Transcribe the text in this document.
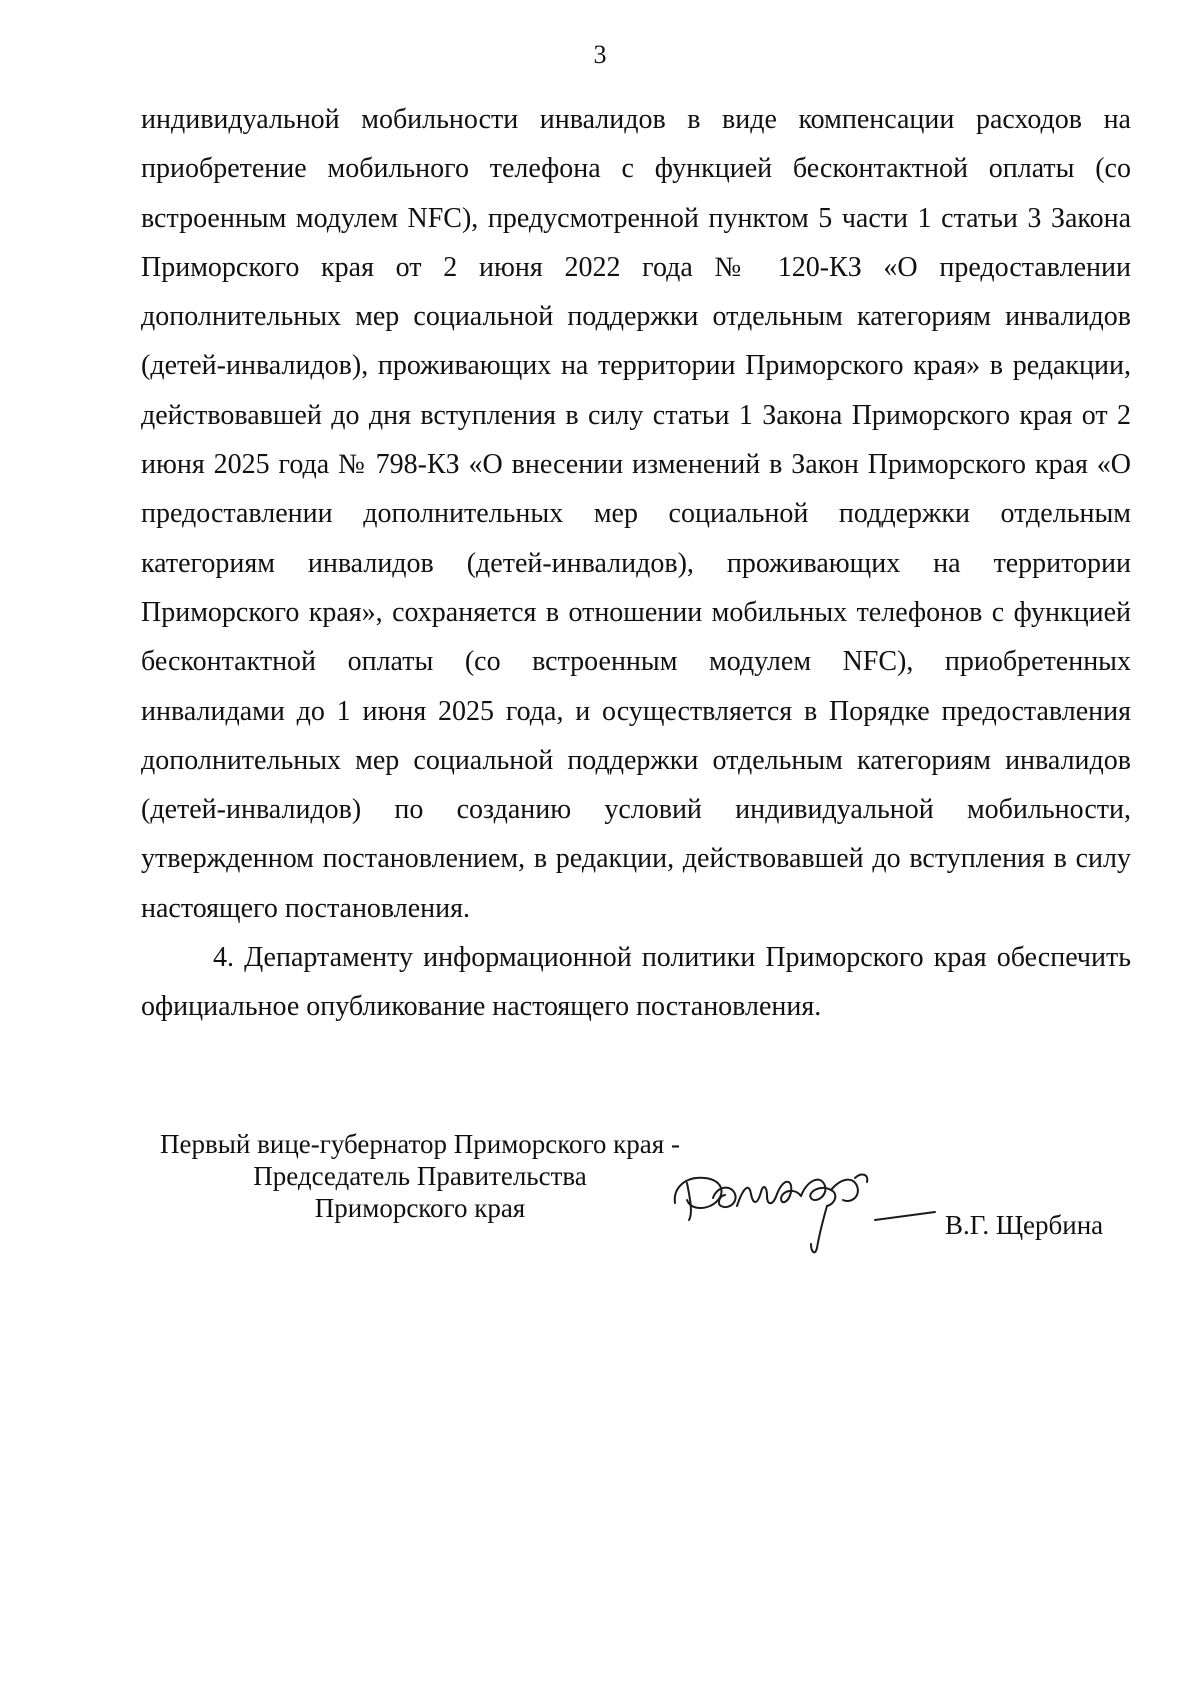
3

индивидуальной мобильности инвалидов в виде компенсации расходов на приобретение мобильного телефона с функцией бесконтактной оплаты (со встроенным модулем NFC), предусмотренной пунктом 5 части 1 статьи 3 Закона Приморского края от 2 июня 2022 года № 120-КЗ «О предоставлении дополнительных мер социальной поддержки отдельным категориям инвалидов (детей-инвалидов), проживающих на территории Приморского края» в редакции, действовавшей до дня вступления в силу статьи 1 Закона Приморского края от 2 июня 2025 года № 798-КЗ «О внесении изменений в Закон Приморского края «О предоставлении дополнительных мер социальной поддержки отдельным категориям инвалидов (детей-инвалидов), проживающих на территории Приморского края», сохраняется в отношении мобильных телефонов с функцией бесконтактной оплаты (со встроенным модулем NFC), приобретенных инвалидами до 1 июня 2025 года, и осуществляется в Порядке предоставления дополнительных мер социальной поддержки отдельным категориям инвалидов (детей-инвалидов) по созданию условий индивидуальной мобильности, утвержденном постановлением, в редакции, действовавшей до вступления в силу настоящего постановления.

4. Департаменту информационной политики Приморского края обеспечить официальное опубликование настоящего постановления.

Первый вице-губернатор Приморского края -
Председатель Правительства
Приморского края
В.Г. Щербина
